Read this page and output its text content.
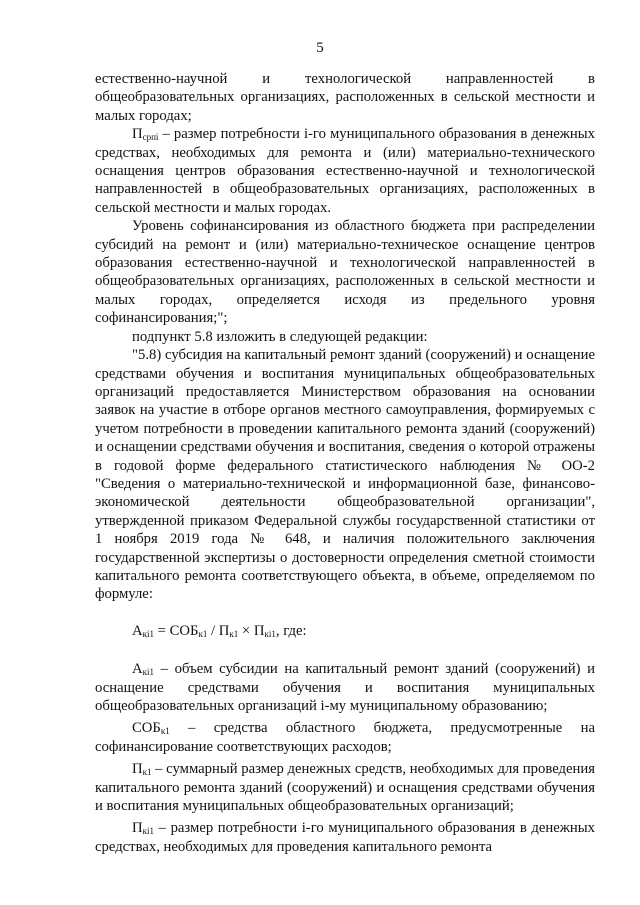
5

естественно-научной и технологической направленностей в общеобразовательных организациях, расположенных в сельской местности и малых городах;

$П_{српі}$ – размер потребности i-го муниципального образования в денежных средствах, необходимых для ремонта и (или) материально-технического оснащения центров образования естественно-научной и технологической направленностей в общеобразовательных организациях, расположенных в сельской местности и малых городах.

Уровень софинансирования из областного бюджета при распределении субсидий на ремонт и (или) материально-техническое оснащение центров образования естественно-научной и технологической направленностей в общеобразовательных организациях, расположенных в сельской местности и малых городах, определяется исходя из предельного уровня софинансирования;";

подпункт 5.8 изложить в следующей редакции:

"5.8) субсидия на капитальный ремонт зданий (сооружений) и оснащение средствами обучения и воспитания муниципальных общеобразовательных организаций предоставляется Министерством образования на основании заявок на участие в отборе органов местного самоуправления, формируемых с учетом потребности в проведении капитального ремонта зданий (сооружений) и оснащении средствами обучения и воспитания, сведения о которой отражены в годовой форме федерального статистического наблюдения № ОО-2 "Сведения о материально-технической и информационной базе, финансово-экономической деятельности общеобразовательной организации", утвержденной приказом Федеральной службы государственной статистики от 1 ноября 2019 года № 648, и наличия положительного заключения государственной экспертизы о достоверности определения сметной стоимости капитального ремонта соответствующего объекта, в объеме, определяемом по формуле:

$А_{кі1} = СОБ_{к1} / П_{к1} \times П_{кі1}$, где:

$А_{кі1}$ – объем субсидии на капитальный ремонт зданий (сооружений) и оснащение средствами обучения и воспитания муниципальных общеобразовательных организаций i-му муниципальному образованию;

$СОБ_{к1}$ – средства областного бюджета, предусмотренные на софинансирование соответствующих расходов;

$П_{к1}$ – суммарный размер денежных средств, необходимых для проведения капитального ремонта зданий (сооружений) и оснащения средствами обучения и воспитания муниципальных общеобразовательных организаций;

$П_{кі1}$ – размер потребности i-го муниципального образования в денежных средствах, необходимых для проведения капитального ремонта
